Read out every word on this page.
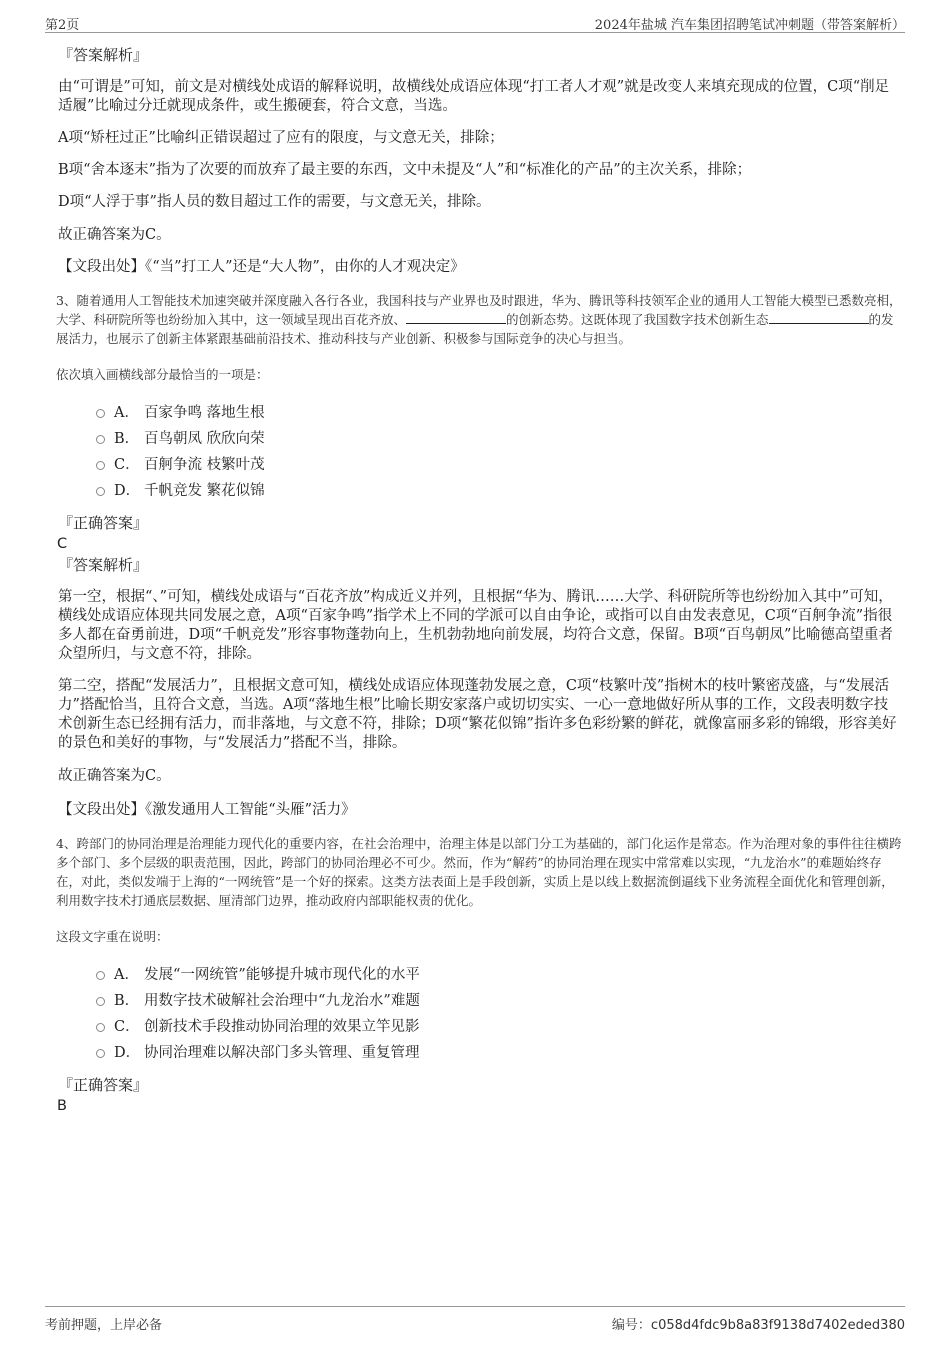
第2页	2024年盐城 汽车集团招聘笔试冲刺题（带答案解析）

『答案解析』

由“可谓是”可知，前文是对横线处成语的解释说明，故横线处成语应体现“打工者人才观”就是改变人来填充现成的位置，C项“削足适履”比喻过分迁就现成条件，或生搬硬套，符合文意，当选。

A项“矫枉过正”比喻纠正错误超过了应有的限度，与文意无关，排除；

B项“舍本逐末”指为了次要的而放弃了最主要的东西，文中未提及“人”和“标准化的产品”的主次关系，排除；

D项“人浮于事”指人员的数目超过工作的需要，与文意无关，排除。

故正确答案为C。

【文段出处】《“当”打工人”还是“大人物”，由你的人才观决定》

3、随着通用人工智能技术加速突破并深度融入各行各业，我国科技与产业界也及时跟进，华为、腾讯等科技领军企业的通用人工智能大模型已悉数亮相，大学、科研院所等也纷纷加入其中，这一领域呈现出百花齐放、	的创新态势。这既体现了我国数字技术创新生态	的发展活力，也展示了创新主体紧跟基础前沿技术、推动科技与产业创新、积极参与国际竞争的决心与担当。

依次填入画横线部分最恰当的一项是：

A． 百家争鸣 落地生根
B． 百鸟朝凤 欣欣向荣
C． 百舸争流 枝繁叶茂
D． 千帆竞发 繁花似锦

『正确答案』

C

『答案解析』

第一空，根据“、”可知，横线处成语与“百花齐放”构成近义并列，且根据“华为、腾讯……大学、科研院所等也纷纷加入其中”可知，横线处成语应体现共同发展之意，A项“百家争鸣”指学术上不同的学派可以自由争论，或指可以自由发表意见，C项“百舸争流”指很多人都在奋勇前进，D项“千帆竞发”形容事物蓬勃向上，生机勃勃地向前发展，均符合文意，保留。B项“百鸟朝凤”比喻德高望重者众望所归，与文意不符，排除。

第二空，搭配“发展活力”，且根据文意可知，横线处成语应体现蓬勃发展之意，C项“枝繁叶茂”指树木的枝叶繁密茂盛，与“发展活力”搭配恰当，且符合文意，当选。A项“落地生根”比喻长期安家落户或切切实实、一心一意地做好所从事的工作，文段表明数字技术创新生态已经拥有活力，而非落地，与文意不符，排除；D项“繁花似锦”指许多色彩纷繁的鲜花，就像富丽多彩的锦缎，形容美好的景色和美好的事物，与“发展活力”搭配不当，排除。

故正确答案为C。

【文段出处】《激发通用人工智能“头雁”活力》

4、跨部门的协同治理是治理能力现代化的重要内容，在社会治理中，治理主体是以部门分工为基础的，部门化运作是常态。作为治理对象的事件往往横跨多个部门、多个层级的职责范围，因此，跨部门的协同治理必不可少。然而，作为“解药”的协同治理在现实中常常难以实现，“九龙治水”的难题始终存在，对此，类似发端于上海的“一网统管”是一个好的探索。这类方法表面上是手段创新，实质上是以线上数据流倒逼线下业务流程全面优化和管理创新，利用数字技术打通底层数据、厘清部门边界，推动政府内部职能权责的优化。

这段文字重在说明：

A． 发展“一网统管”能够提升城市现代化的水平
B． 用数字技术破解社会治理中“九龙治水”难题
C． 创新技术手段推动协同治理的效果立竿见影
D． 协同治理难以解决部门多头管理、重复管理

『正确答案』

B

考前押题，上岸必备	编号：c058d4fdc9b8a83f9138d7402eded380
